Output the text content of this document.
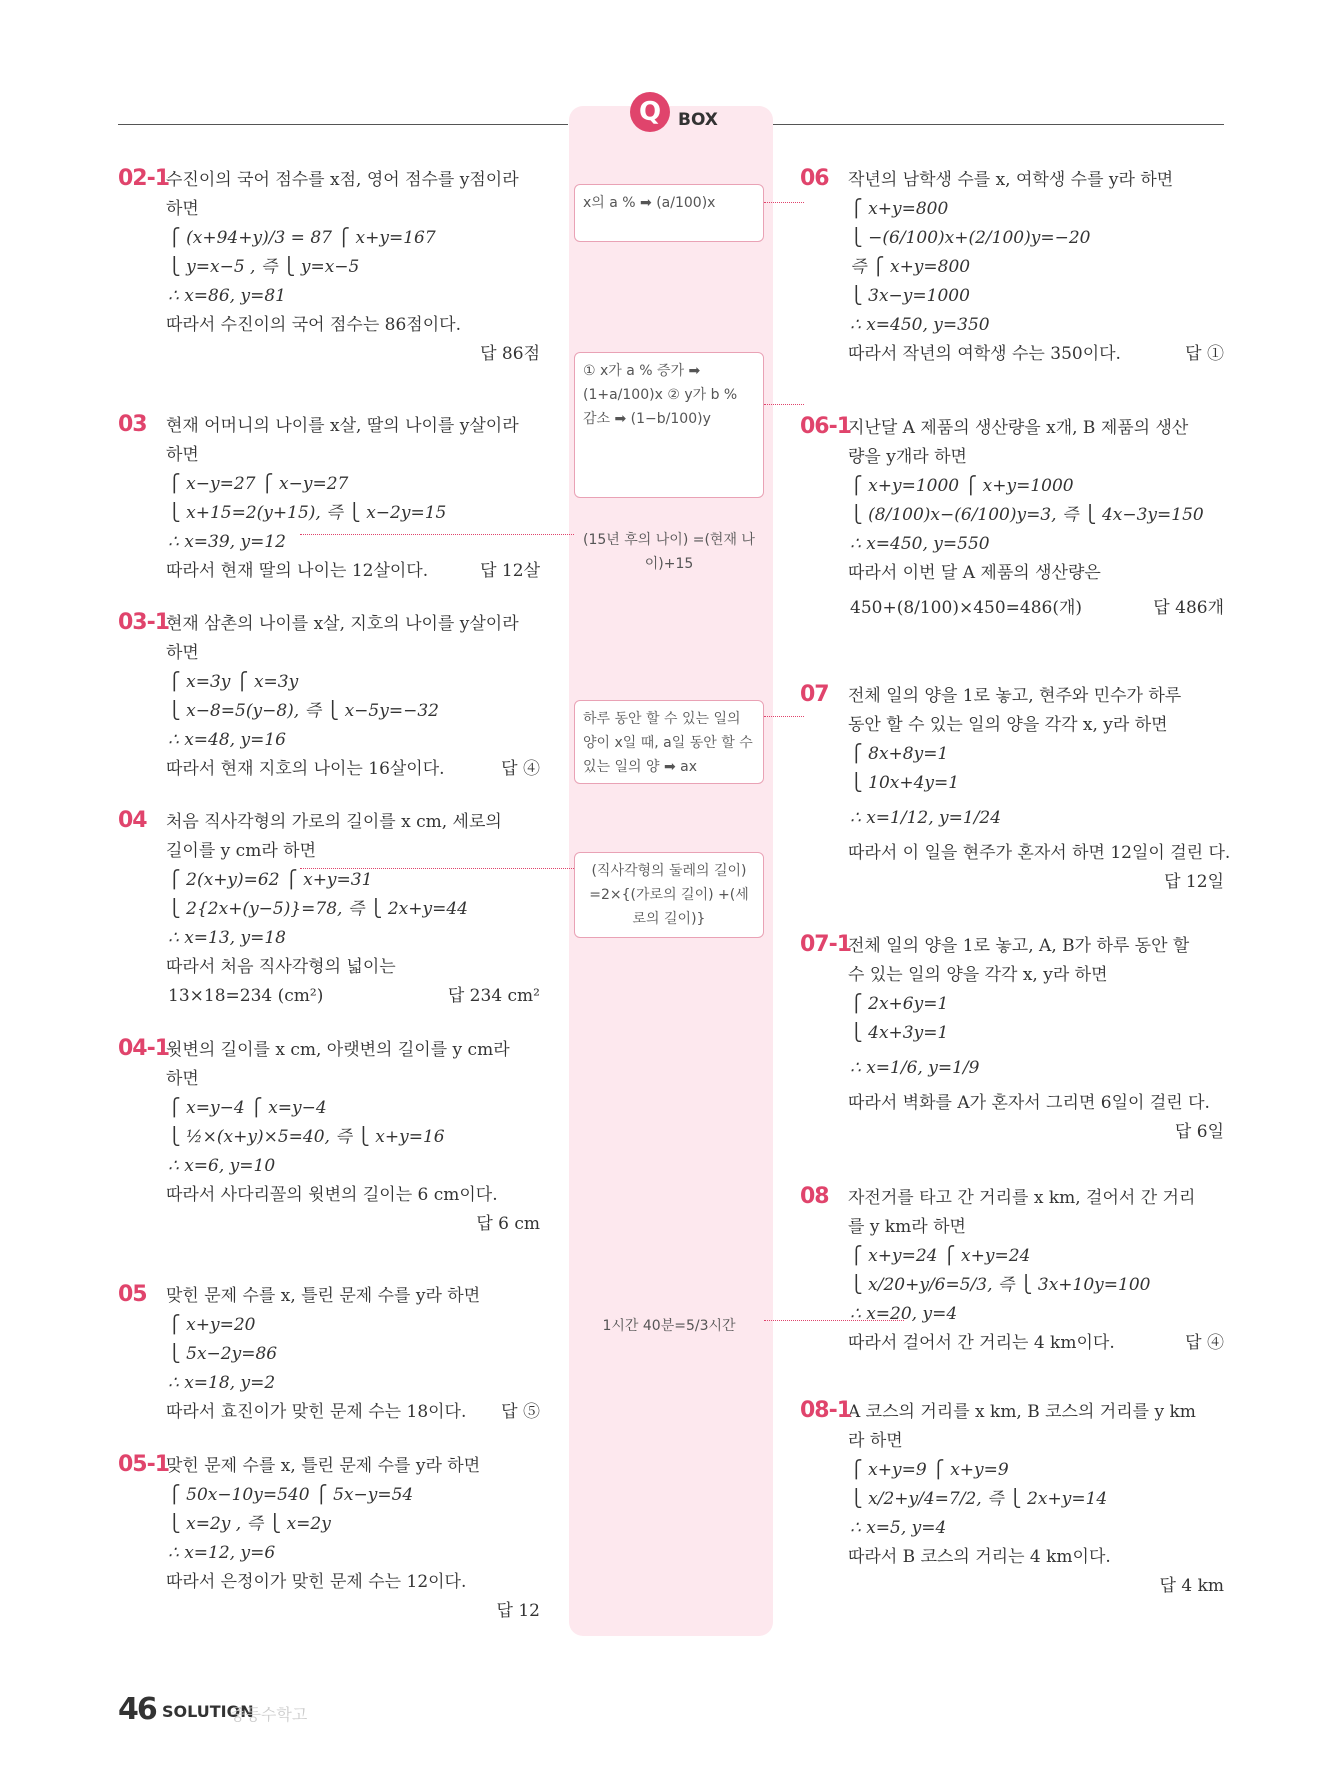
Q BOX
x의 a % ➡ (a/100)x
① x가 a % 증가 ➡ (1+a/100)x ② y가 b % 감소 ➡ (1−b/100)y
(15년 후의 나이) =(현재 나이)+15
하루 동안 할 수 있는 일의 양이 x일 때, a일 동안 할 수 있는 일의 양 ➡ ax
(직사각형의 둘레의 길이) =2×{(가로의 길이) +(세로의 길이)}
1시간 40분=5/3시간
02-1
수진이의 국어 점수를 x점, 영어 점수를 y점이라
하면
⎧ (x+94+y)/3 = 87 ⎧ x+y=167
⎩ y=x−5 , 즉 ⎩ y=x−5
∴ x=86, y=81
따라서 수진이의 국어 점수는 86점이다.
답 86점
03	현재 어머니의 나이를 x살, 딸의 나이를 y살이라
하면
⎧ x−y=27 ⎧ x−y=27
⎩ x+15=2(y+15), 즉 ⎩ x−2y=15
∴ x=39, y=12
따라서 현재 딸의 나이는 12살이다.	답 12살
03-1
현재 삼촌의 나이를 x살, 지호의 나이를 y살이라
하면
⎧ x=3y ⎧ x=3y
⎩ x−8=5(y−8), 즉 ⎩ x−5y=−32
∴ x=48, y=16
따라서 현재 지호의 나이는 16살이다.	답 ④
04	처음 직사각형의 가로의 길이를 x cm, 세로의
길이를 y cm라 하면
⎧ 2(x+y)=62 ⎧ x+y=31
⎩ 2{2x+(y−5)}=78, 즉 ⎩ 2x+y=44
∴ x=13, y=18
따라서 처음 직사각형의 넓이는
13×18=234 (cm²)	답 234 cm²
04-1
윗변의 길이를 x cm, 아랫변의 길이를 y cm라
하면
⎧ x=y−4 ⎧ x=y−4
⎩ ½×(x+y)×5=40, 즉 ⎩ x+y=16
∴ x=6, y=10
따라서 사다리꼴의 윗변의 길이는 6 cm이다.
답 6 cm
05	맞힌 문제 수를 x, 틀린 문제 수를 y라 하면
⎧ x+y=20
⎩ 5x−2y=86
∴ x=18, y=2
따라서 효진이가 맞힌 문제 수는 18이다. 답 ⑤
05-1
맞힌 문제 수를 x, 틀린 문제 수를 y라 하면
⎧ 50x−10y=540 ⎧ 5x−y=54
⎩ x=2y , 즉 ⎩ x=2y
∴ x=12, y=6
따라서 은정이가 맞힌 문제 수는 12이다.
답 12
06	작년의 남학생 수를 x, 여학생 수를 y라 하면
⎧ x+y=800
⎩ −(6/100)x+(2/100)y=−20
즉 ⎧ x+y=800
⎩ 3x−y=1000
∴ x=450, y=350
따라서 작년의 여학생 수는 350이다.	답 ①
06-1
지난달 A 제품의 생산량을 x개, B 제품의 생산
량을 y개라 하면
⎧ x+y=1000 ⎧ x+y=1000
⎩ (8/100)x−(6/100)y=3, 즉 ⎩ 4x−3y=150
∴ x=450, y=550
따라서 이번 달 A 제품의 생산량은
450+(8/100)×450=486(개)	답 486개
07	전체 일의 양을 1로 놓고, 현주와 민수가 하루
동안 할 수 있는 일의 양을 각각 x, y라 하면
⎧ 8x+8y=1
⎩ 10x+4y=1
∴ x=1/12, y=1/24
따라서 이 일을 현주가 혼자서 하면 12일이 걸린 다.
답 12일
07-1
전체 일의 양을 1로 놓고, A, B가 하루 동안 할
수 있는 일의 양을 각각 x, y라 하면
⎧ 2x+6y=1
⎩ 4x+3y=1
∴ x=1/6, y=1/9
따라서 벽화를 A가 혼자서 그리면 6일이 걸린 다.
답 6일
08	자전거를 타고 간 거리를 x km, 걸어서 간 거리
를 y km라 하면
⎧ x+y=24 ⎧ x+y=24
⎩ x/20+y/6=5/3, 즉 ⎩ 3x+10y=100
∴ x=20, y=4
따라서 걸어서 간 거리는 4 km이다.	답 ④
08-1
A 코스의 거리를 x km, B 코스의 거리를 y km
라 하면
⎧ x+y=9 ⎧ x+y=9
⎩ x/2+y/4=7/2, 즉 ⎩ 2x+y=14
∴ x=5, y=4
따라서 B 코스의 거리는 4 km이다.
답 4 km
46 SOLUTION
중등수학고
